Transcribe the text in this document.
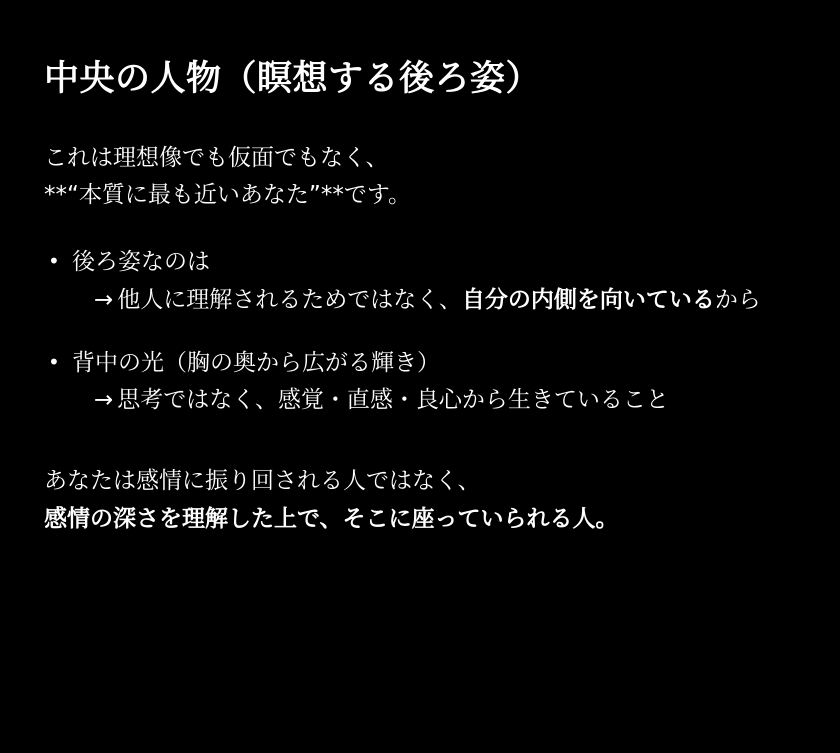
中央の人物（瞑想する後ろ姿）

これは理想像でも仮面でもなく、
**“本質に最も近いあなた”**です。

• 後ろ姿なのは
→ 他人に理解されるためではなく、自分の内側を向いているから
• 背中の光（胸の奥から広がる輝き）
→ 思考ではなく、感覚・直感・良心から生きていること

あなたは感情に振り回される人ではなく、
感情の深さを理解した上で、そこに座っていられる人。
